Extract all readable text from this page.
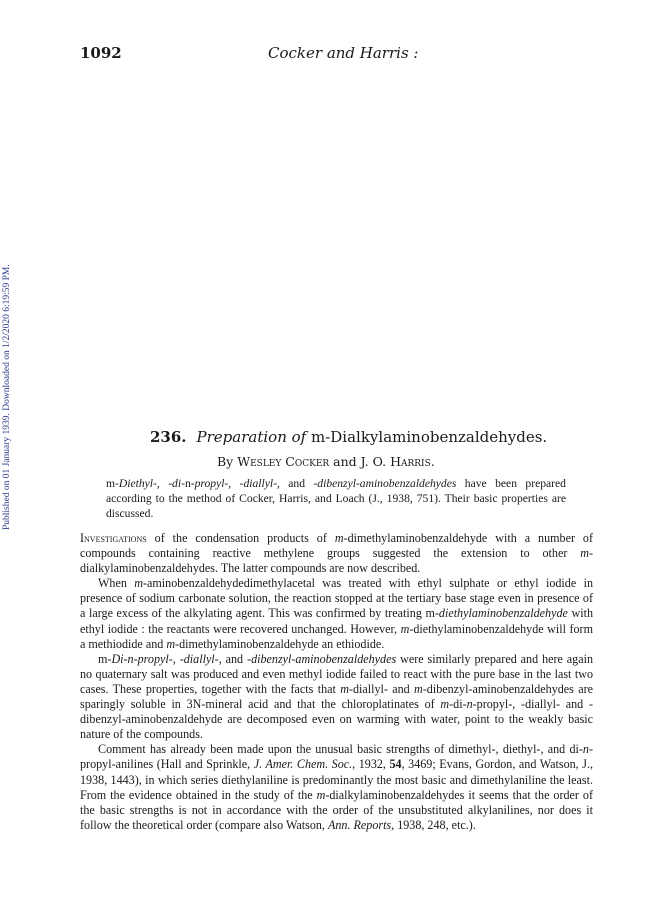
1092	Cocker and Harris :
Published on 01 January 1939. Downloaded on 1/2/2020 6:19:59 PM.	236. Preparation of m-Dialkylaminobenzaldehydes.
By Wesley Cocker and J. O. Harris.
m-Diethyl-, -di-n-propyl-, -diallyl-, and -dibenzyl-aminobenzaldehydes have been prepared according to the method of Cocker, Harris, and Loach (J., 1938, 751). Their basic properties are discussed.

Investigations of the condensation products of m-dimethylaminobenzaldehyde with a number of compounds containing reactive methylene groups suggested the extension to other m-dialkylaminobenzaldehydes. The latter compounds are now described.

When m-aminobenzaldehydedimethylacetal was treated with ethyl sulphate or ethyl iodide in presence of sodium carbonate solution, the reaction stopped at the tertiary base stage even in presence of a large excess of the alkylating agent. This was confirmed by treating m-diethylaminobenzaldehyde with ethyl iodide : the reactants were recovered unchanged. However, m-diethylaminobenzaldehyde will form a methiodide and m-dimethylaminobenzaldehyde an ethiodide.

m-Di-n-propyl-, -diallyl-, and -dibenzyl-aminobenzaldehydes were similarly prepared and here again no quaternary salt was produced and even methyl iodide failed to react with the pure base in the last two cases. These properties, together with the facts that m-diallyl- and m-dibenzyl-aminobenzaldehydes are sparingly soluble in 3N-mineral acid and that the chloroplatinates of m-di-n-propyl-, -diallyl- and -dibenzyl-aminobenzaldehyde are decomposed even on warming with water, point to the weakly basic nature of the compounds.

Comment has already been made upon the unusual basic strengths of dimethyl-, diethyl-, and di-n-propyl-anilines (Hall and Sprinkle, J. Amer. Chem. Soc., 1932, 54, 3469; Evans, Gordon, and Watson, J., 1938, 1443), in which series diethylaniline is predominantly the most basic and dimethylaniline the least. From the evidence obtained in the study of the m-dialkylaminobenzaldehydes it seems that the order of the basic strengths is not in accordance with the order of the unsubstituted alkylanilines, nor does it follow the theoretical order (compare also Watson, Ann. Reports, 1938, 248, etc.).
